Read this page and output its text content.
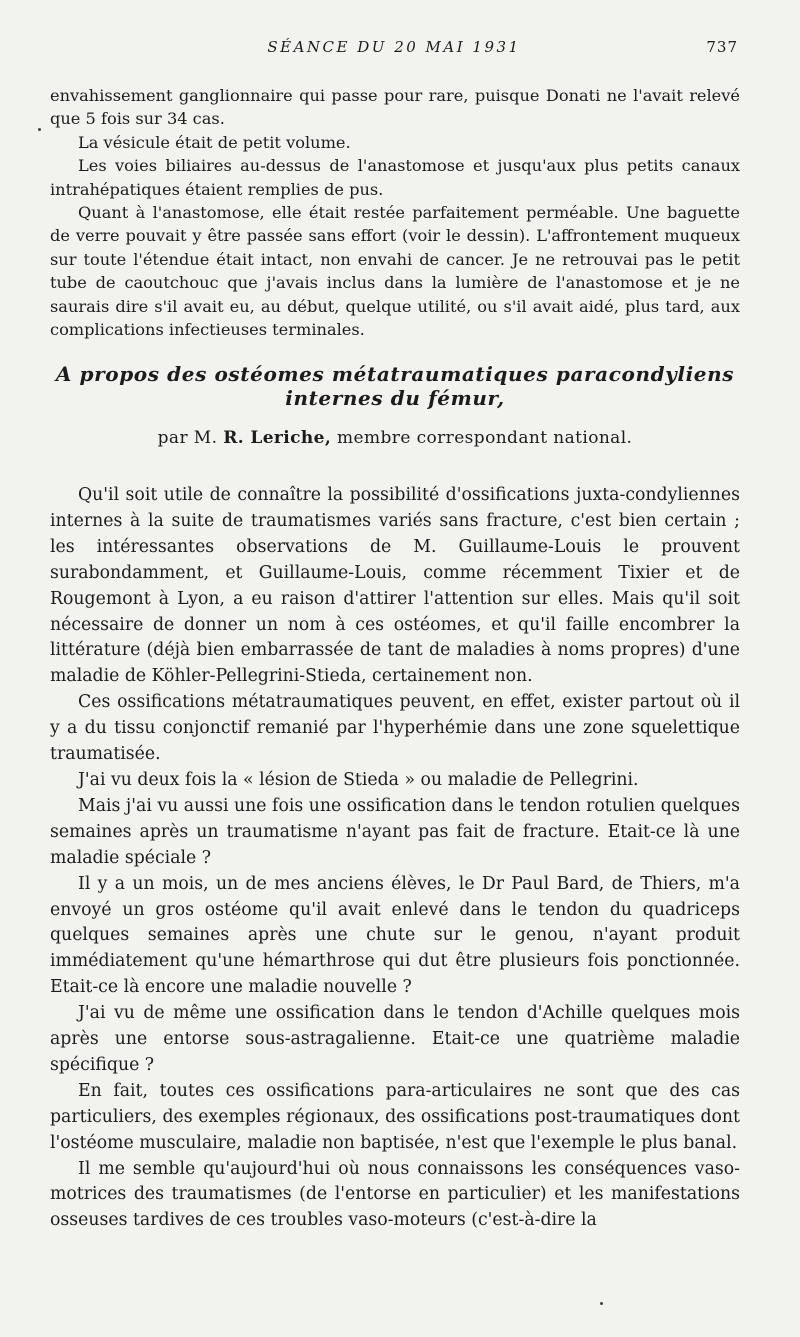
SÉANCE DU 20 MAI 1931	737

envahissement ganglionnaire qui passe pour rare, puisque Donati ne l'avait relevé que 5 fois sur 34 cas.

La vésicule était de petit volume.

Les voies biliaires au-dessus de l'anastomose et jusqu'aux plus petits canaux intrahépatiques étaient remplies de pus.

Quant à l'anastomose, elle était restée parfaitement perméable. Une baguette de verre pouvait y être passée sans effort (voir le dessin). L'affrontement muqueux sur toute l'étendue était intact, non envahi de cancer. Je ne retrouvai pas le petit tube de caoutchouc que j'avais inclus dans la lumière de l'anastomose et je ne saurais dire s'il avait eu, au début, quelque utilité, ou s'il avait aidé, plus tard, aux complications infectieuses terminales.

A propos des ostéomes métatraumatiques paracondyliens
internes du fémur,
par M. R. Leriche, membre correspondant national.

Qu'il soit utile de connaître la possibilité d'ossifications juxta-condyliennes internes à la suite de traumatismes variés sans fracture, c'est bien certain ; les intéressantes observations de M. Guillaume-Louis le prouvent surabondamment, et Guillaume-Louis, comme récemment Tixier et de Rougemont à Lyon, a eu raison d'attirer l'attention sur elles. Mais qu'il soit nécessaire de donner un nom à ces ostéomes, et qu'il faille encombrer la littérature (déjà bien embarrassée de tant de maladies à noms propres) d'une maladie de Köhler-Pellegrini-Stieda, certainement non.

Ces ossifications métatraumatiques peuvent, en effet, exister partout où il y a du tissu conjonctif remanié par l'hyperhémie dans une zone squelettique traumatisée.

J'ai vu deux fois la « lésion de Stieda » ou maladie de Pellegrini.

Mais j'ai vu aussi une fois une ossification dans le tendon rotulien quelques semaines après un traumatisme n'ayant pas fait de fracture. Etait-ce là une maladie spéciale ?

Il y a un mois, un de mes anciens élèves, le Dr Paul Bard, de Thiers, m'a envoyé un gros ostéome qu'il avait enlevé dans le tendon du quadriceps quelques semaines après une chute sur le genou, n'ayant produit immédiatement qu'une hémarthrose qui dut être plusieurs fois ponctionnée. Etait-ce là encore une maladie nouvelle ?

J'ai vu de même une ossification dans le tendon d'Achille quelques mois après une entorse sous-astragalienne. Etait-ce une quatrième maladie spécifique ?

En fait, toutes ces ossifications para-articulaires ne sont que des cas particuliers, des exemples régionaux, des ossifications post-traumatiques dont l'ostéome musculaire, maladie non baptisée, n'est que l'exemple le plus banal.

Il me semble qu'aujourd'hui où nous connaissons les conséquences vaso-motrices des traumatismes (de l'entorse en particulier) et les manifestations osseuses tardives de ces troubles vaso-moteurs (c'est-à-dire la
